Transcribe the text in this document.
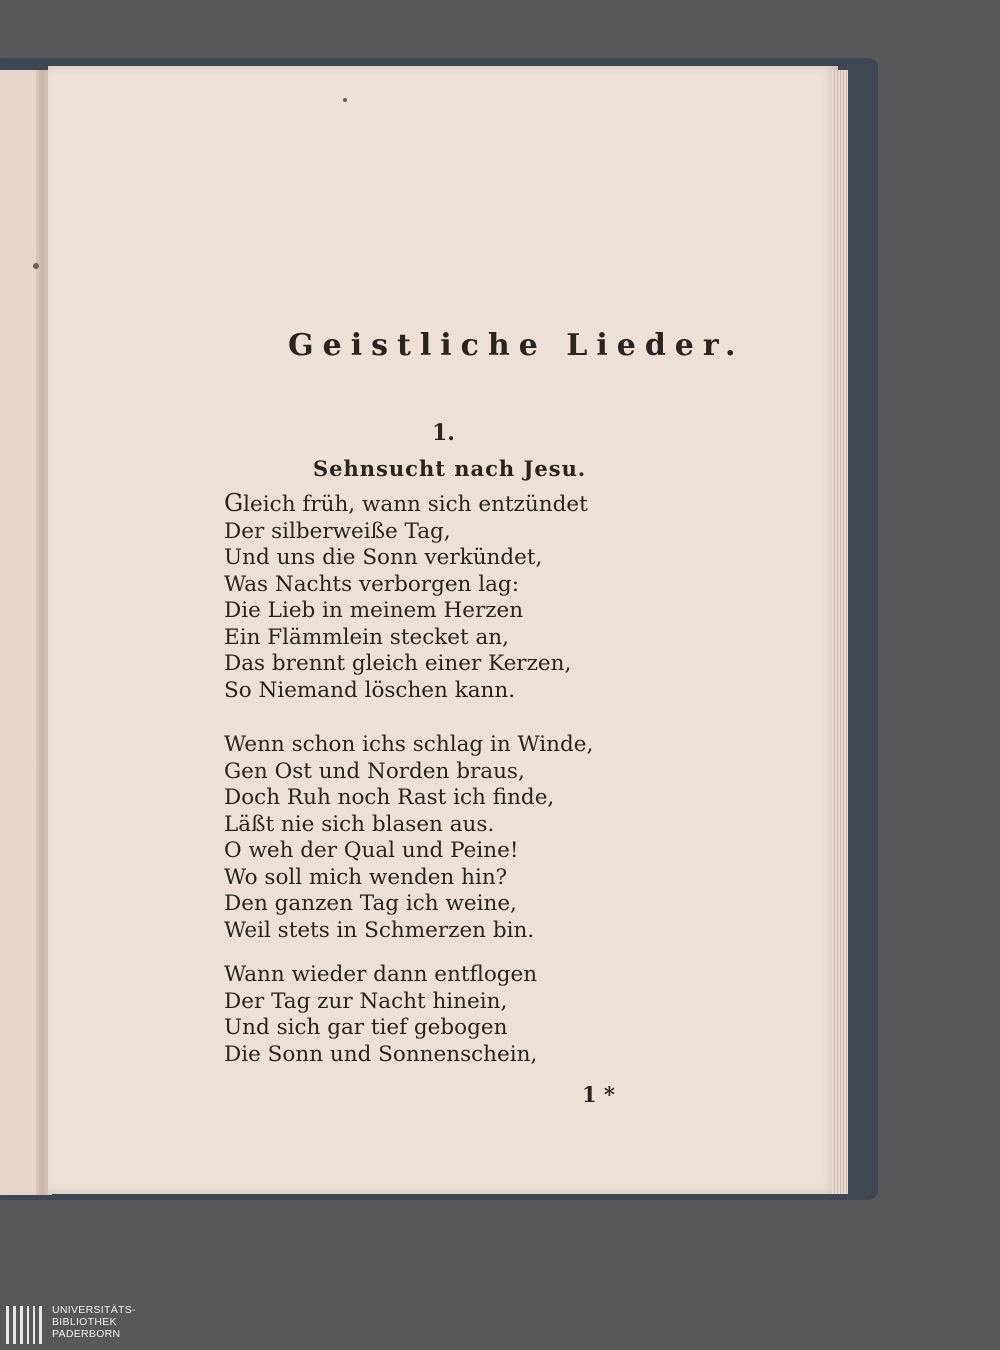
Geistliche Lieder.
1.
Sehnsucht nach Jesu.
Gleich früh, wann sich entzündet
Der silberweiße Tag,
Und uns die Sonn verkündet,
Was Nachts verborgen lag:
Die Lieb in meinem Herzen
Ein Flämmlein stecket an,
Das brennt gleich einer Kerzen,
So Niemand löschen kann.
Wenn schon ichs schlag in Winde,
Gen Ost und Norden braus,
Doch Ruh noch Rast ich finde,
Läßt nie sich blasen aus.
O weh der Qual und Peine!
Wo soll mich wenden hin?
Den ganzen Tag ich weine,
Weil stets in Schmerzen bin.
Wann wieder dann entflogen
Der Tag zur Nacht hinein,
Und sich gar tief gebogen
Die Sonn und Sonnenschein,
1 *
UNIVERSITÄTS-
BIBLIOTHEK
PADERBORN
